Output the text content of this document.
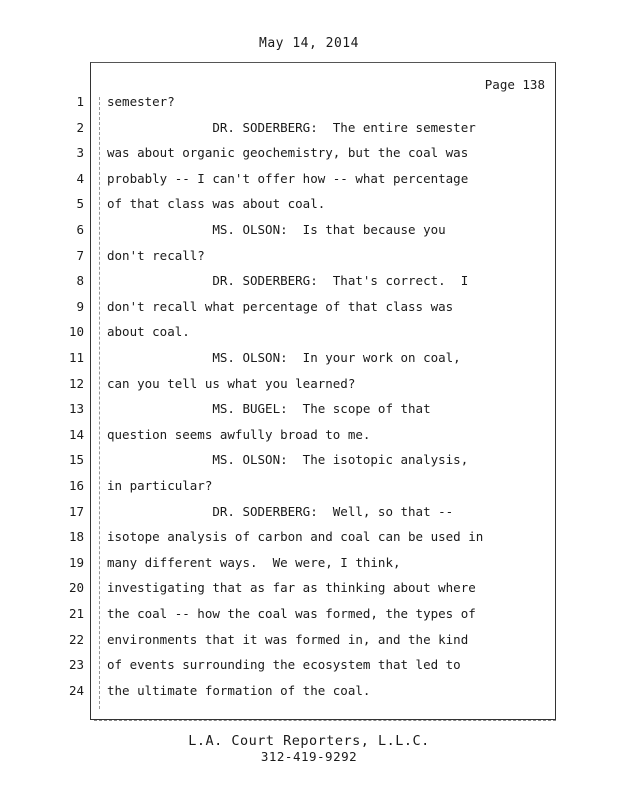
May 14, 2014
Page 138
1 semester?
2 DR. SODERBERG:  The entire semester
3 was about organic geochemistry, but the coal was
4 probably -- I can't offer how -- what percentage
5 of that class was about coal.
6 MS. OLSON:  Is that because you
7 don't recall?
8 DR. SODERBERG:  That's correct.  I
9 don't recall what percentage of that class was
10 about coal.
11 MS. OLSON:  In your work on coal,
12 can you tell us what you learned?
13 MS. BUGEL:  The scope of that
14 question seems awfully broad to me.
15 MS. OLSON:  The isotopic analysis,
16 in particular?
17 DR. SODERBERG:  Well, so that --
18 isotope analysis of carbon and coal can be used in
19 many different ways.  We were, I think,
20 investigating that as far as thinking about where
21 the coal -- how the coal was formed, the types of
22 environments that it was formed in, and the kind
23 of events surrounding the ecosystem that led to
24 the ultimate formation of the coal.
L.A. Court Reporters, L.L.C.
312-419-9292
